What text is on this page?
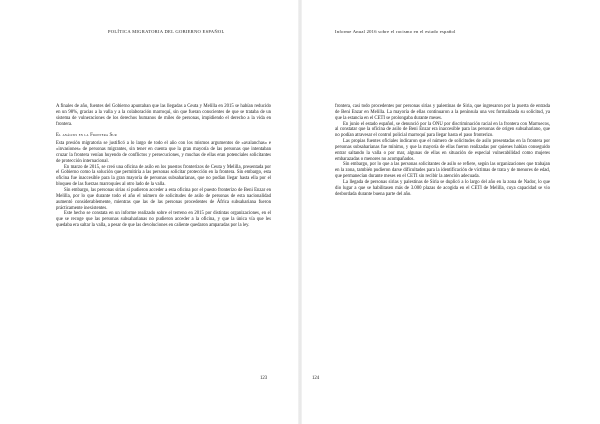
POLÍTICA MIGRATORIA DEL GOBIERNO ESPAÑOL

A finales de año, fuentes del Gobierno apuntaban que las llegadas a Ceuta y Melilla en 2015 se habían reducido en un 98%, gracias a la valla y a la colaboración marroquí, sin que fueran conscientes de que se trataba de un sistema de vulneraciones de los derechos humanos de miles de personas, impidiendo el derecho a la vida en frontera.

El análisis en la Frontera Sur

Esta presión migratoria se justificó a lo largo de todo el año con los mismos argumentos de «avalanchas» e «invasiones» de personas migrantes, sin tener en cuenta que la gran mayoría de las personas que intentaban cruzar la frontera venían huyendo de conflictos y persecuciones, y muchas de ellas eran potenciales solicitantes de protección internacional.

En marzo de 2015, se creó una oficina de asilo en los puestos fronterizos de Ceuta y Melilla, presentada por el Gobierno como la solución que permitiría a las personas solicitar protección en la frontera. Sin embargo, esta oficina fue inaccesible para la gran mayoría de personas subsaharianas, que no podían llegar hasta ella por el bloqueo de las fuerzas marroquíes al otro lado de la valla.

Sin embargo, las personas sirias sí pudieron acceder a esta oficina por el puesto fronterizo de Beni Enzar en Melilla, por lo que durante todo el año el número de solicitudes de asilo de personas de esta nacionalidad aumentó considerablemente, mientras que las de las personas procedentes de África subsahariana fueron prácticamente inexistentes.

Este hecho se constata en un informe realizado sobre el terreno en 2015 por distintas organizaciones, en el que se recoge que las personas subsaharianas no pudieron acceder a la oficina, y que la única vía que les quedaba era saltar la valla, a pesar de que las devoluciones en caliente quedaron amparadas por la ley.

123
Informe Anual 2016 sobre el racismo en el estado español

frontera, casi todo procedentes por personas sirias y palestinas de Siria, que ingresaron por la puerta de entrada de Beni Enzar en Melilla. La mayoría de ellas continuaron a la península una vez formalizada su solicitud, ya que la estancia en el CETI se prolongaba durante meses.

En junio el estado español, se denunció por la ONU por discriminación racial en la frontera con Marruecos, al constatar que la oficina de asilo de Beni Enzar era inaccesible para las personas de origen subsahariano, que no podían atravesar el control policial marroquí para llegar hasta el paso fronterizo.

Las propias fuentes oficiales indicaron que el número de solicitudes de asilo presentadas en la frontera por personas subsaharianas fue mínimo, y que la mayoría de ellas fueron realizadas por quienes habían conseguido entrar saltando la valla o por mar, algunas de ellas en situación de especial vulnerabilidad como mujeres embarazadas o menores no acompañados.

Sin embargo, por lo que a las personas solicitantes de asilo se refiere, según las organizaciones que trabajan en la zona, también pudieron darse dificultades para la identificación de víctimas de trata y de menores de edad, que permanecían durante meses en el CETI sin recibir la atención adecuada.

La llegada de personas sirias y palestinas de Siria se duplicó a lo largo del año en la zona de Nador, lo que dio lugar a que se habilitasen más de 3.000 plazas de acogida en el CETI de Melilla, cuya capacidad se vio desbordada durante buena parte del año.

124
